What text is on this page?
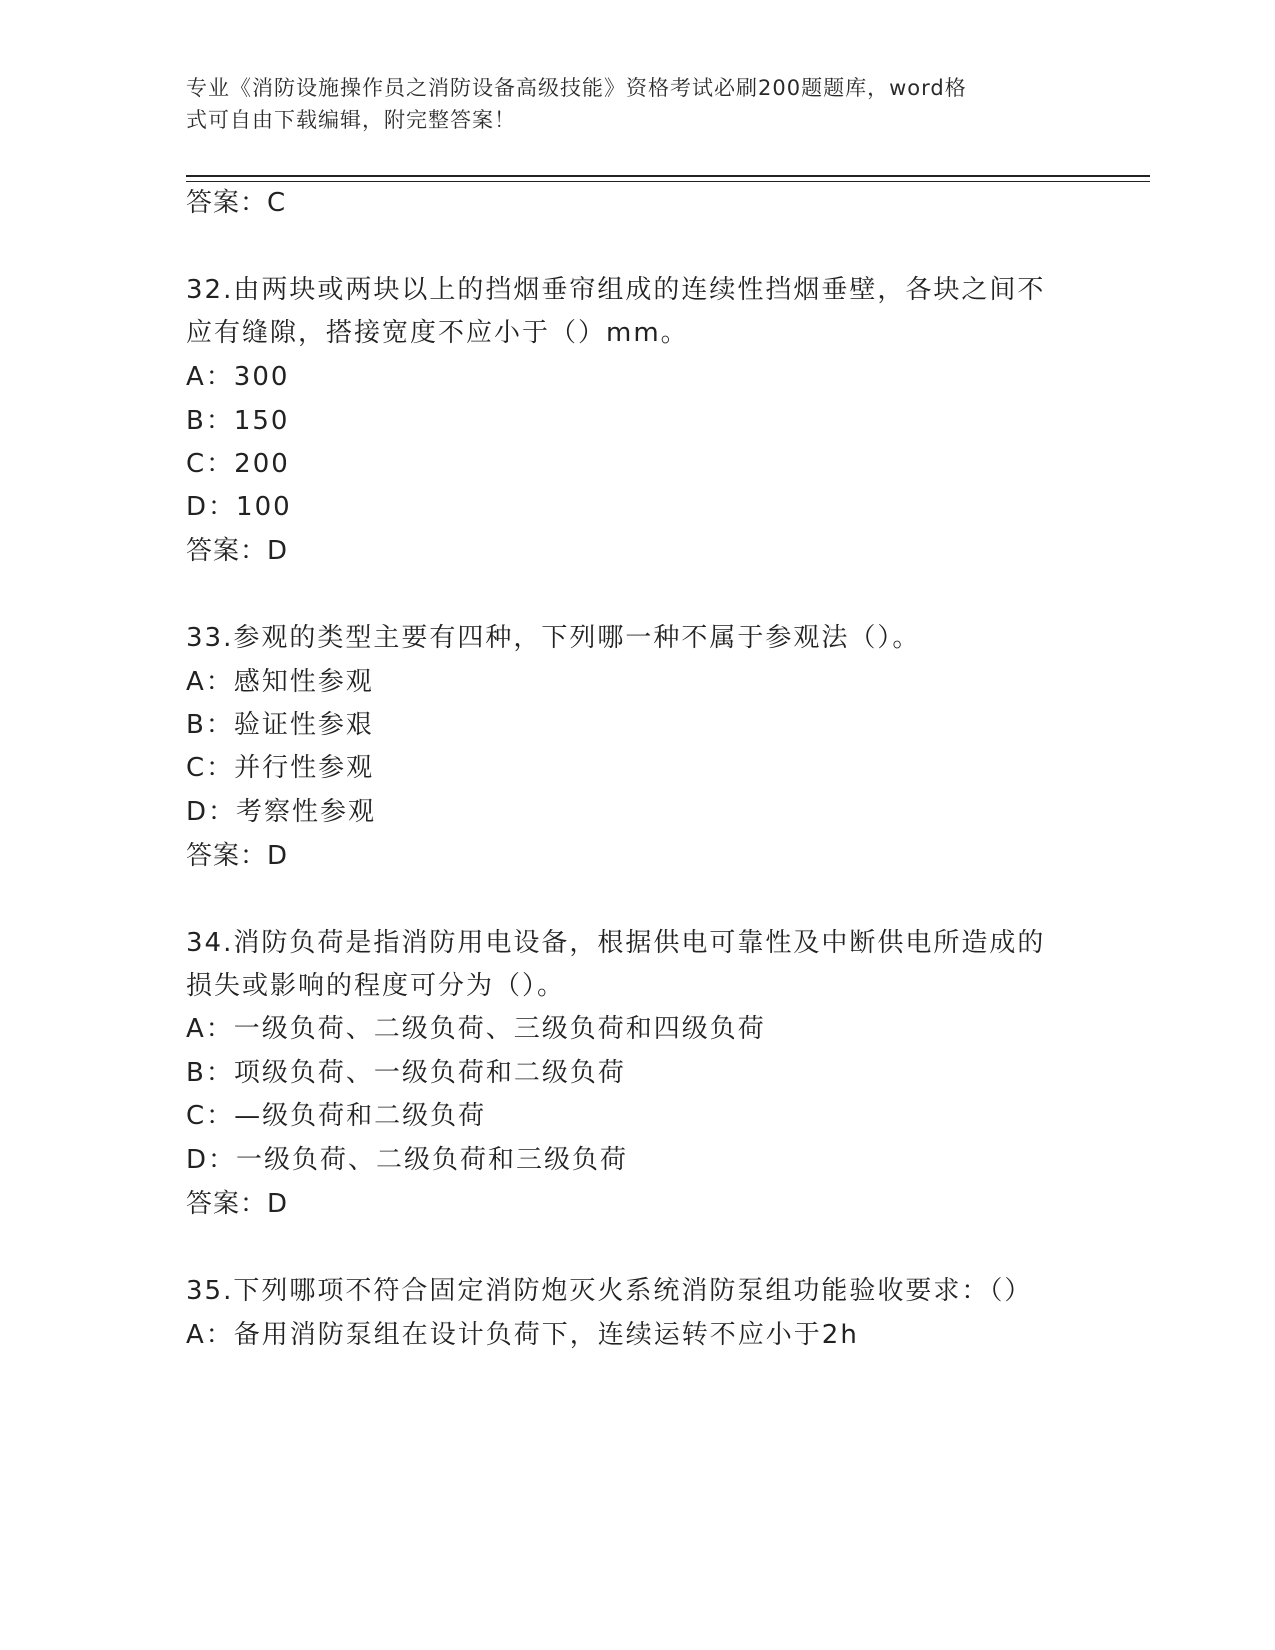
专业《消防设施操作员之消防设备高级技能》资格考试必刷200题题库，word格
式可自由下载编辑，附完整答案！
答案：C
32.由两块或两块以上的挡烟垂帘组成的连续性挡烟垂壁，各块之间不
应有缝隙，搭接宽度不应小于（）mm。
A：300
B：150
C：200
D：100
答案：D
33.参观的类型主要有四种，下列哪一种不属于参观法（）。
A：感知性参观
B：验证性参艰
C：并行性参观
D：考察性参观
答案：D
34.消防负荷是指消防用电设备，根据供电可靠性及中断供电所造成的
损失或影响的程度可分为（）。
A：一级负荷、二级负荷、三级负荷和四级负荷
B：项级负荷、一级负荷和二级负荷
C：—级负荷和二级负荷
D：一级负荷、二级负荷和三级负荷
答案：D
35.下列哪项不符合固定消防炮灭火系统消防泵组功能验收要求：（）
A：备用消防泵组在设计负荷下，连续运转不应小于2h
